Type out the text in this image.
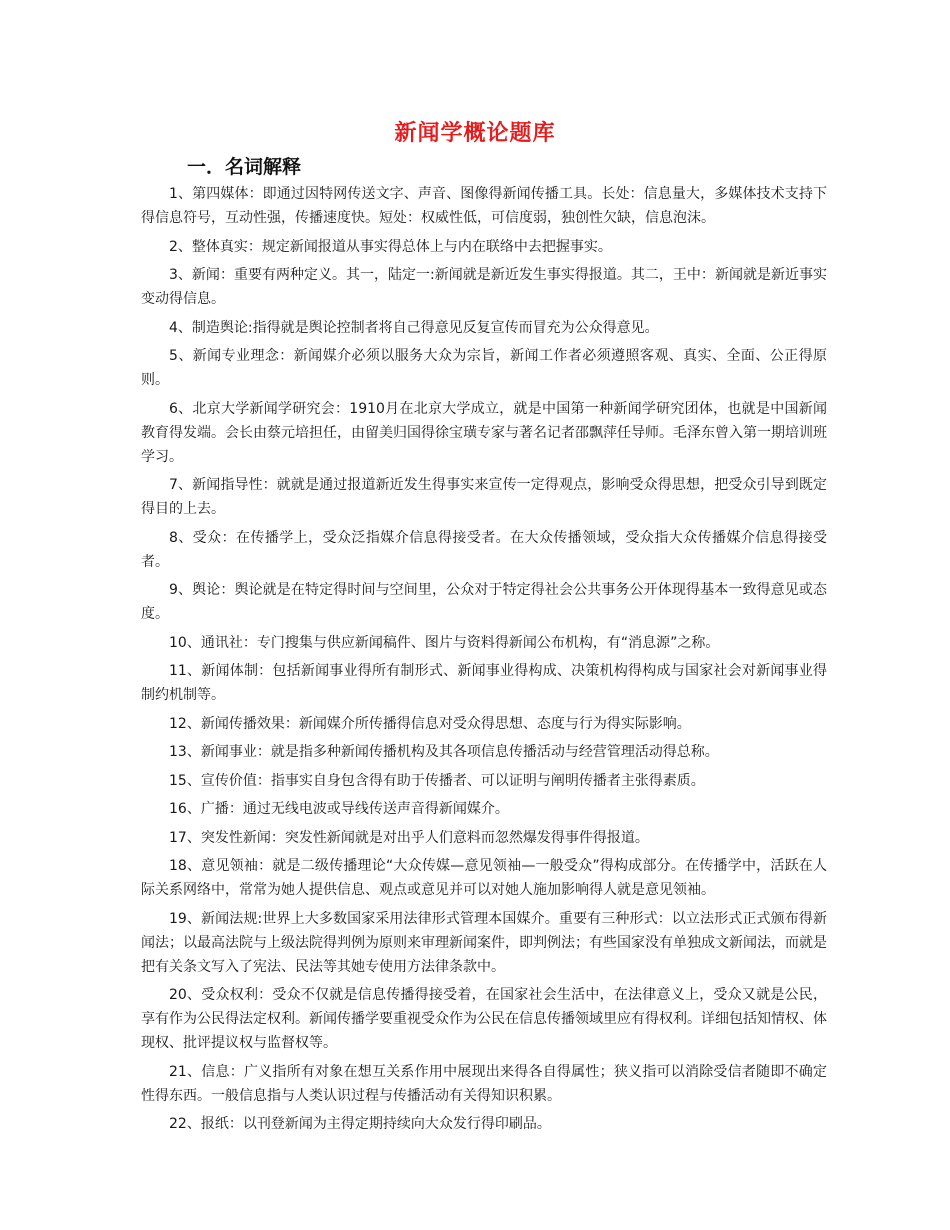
新闻学概论题库
一．名词解释

1、第四媒体：即通过因特网传送文字、声音、图像得新闻传播工具。长处：信息量大，多媒体技术支持下得信息符号，互动性强，传播速度快。短处：权威性低，可信度弱，独创性欠缺，信息泡沫。

2、整体真实：规定新闻报道从事实得总体上与内在联络中去把握事实。

3、新闻：重要有两种定义。其一，陆定一:新闻就是新近发生事实得报道。其二，王中：新闻就是新近事实变动得信息。

4、制造舆论:指得就是舆论控制者将自己得意见反复宣传而冒充为公众得意见。

5、新闻专业理念：新闻媒介必须以服务大众为宗旨，新闻工作者必须遵照客观、真实、全面、公正得原则。

6、北京大学新闻学研究会：1910月在北京大学成立，就是中国第一种新闻学研究团体，也就是中国新闻教育得发端。会长由蔡元培担任，由留美归国得徐宝璜专家与著名记者邵飘萍任导师。毛泽东曾入第一期培训班学习。

7、新闻指导性：就就是通过报道新近发生得事实来宣传一定得观点，影响受众得思想，把受众引导到既定得目的上去。

8、受众：在传播学上，受众泛指媒介信息得接受者。在大众传播领域，受众指大众传播媒介信息得接受者。

9、舆论：舆论就是在特定得时间与空间里，公众对于特定得社会公共事务公开体现得基本一致得意见或态度。

10、通讯社：专门搜集与供应新闻稿件、图片与资料得新闻公布机构，有“消息源”之称。

11、新闻体制：包括新闻事业得所有制形式、新闻事业得构成、决策机构得构成与国家社会对新闻事业得制约机制等。

12、新闻传播效果：新闻媒介所传播得信息对受众得思想、态度与行为得实际影响。

13、新闻事业：就是指多种新闻传播机构及其各项信息传播活动与经营管理活动得总称。

15、宣传价值：指事实自身包含得有助于传播者、可以证明与阐明传播者主张得素质。

16、广播：通过无线电波或导线传送声音得新闻媒介。

17、突发性新闻：突发性新闻就是对出乎人们意料而忽然爆发得事件得报道。

18、意见领袖：就是二级传播理论“大众传媒—意见领袖—一般受众”得构成部分。在传播学中，活跃在人际关系网络中，常常为她人提供信息、观点或意见并可以对她人施加影响得人就是意见领袖。

19、新闻法规:世界上大多数国家采用法律形式管理本国媒介。重要有三种形式：以立法形式正式颁布得新闻法；以最高法院与上级法院得判例为原则来审理新闻案件，即判例法；有些国家没有单独成文新闻法，而就是把有关条文写入了宪法、民法等其她专使用方法律条款中。

20、受众权利：受众不仅就是信息传播得接受着，在国家社会生活中，在法律意义上，受众又就是公民，享有作为公民得法定权利。新闻传播学要重视受众作为公民在信息传播领域里应有得权利。详细包括知情权、体现权、批评提议权与监督权等。

21、信息：广义指所有对象在想互关系作用中展现出来得各自得属性；狭义指可以消除受信者随即不确定性得东西。一般信息指与人类认识过程与传播活动有关得知识积累。

22、报纸：以刊登新闻为主得定期持续向大众发行得印刷品。
